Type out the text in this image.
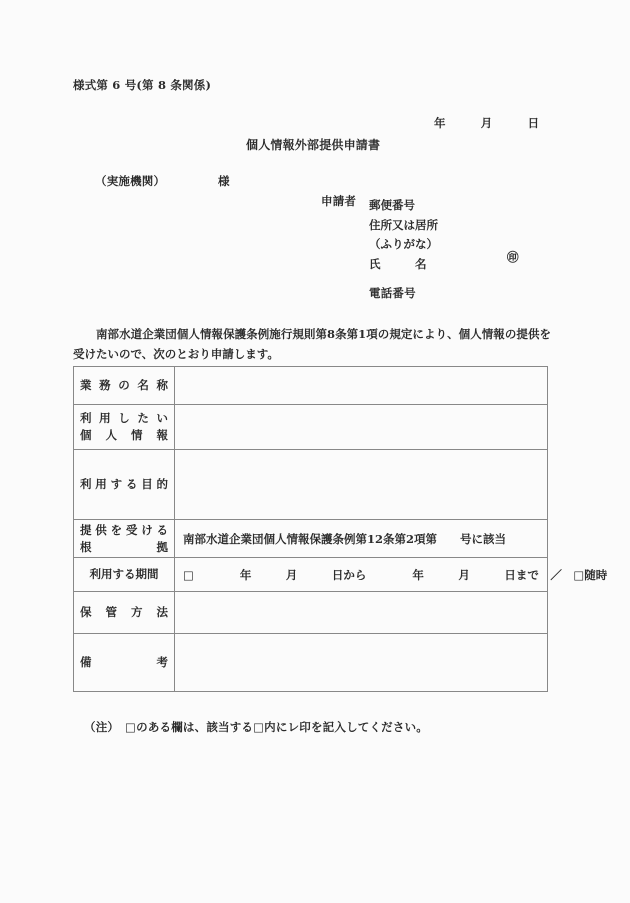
様式第 6 号(第 8 条関係)
年　　　月　　　日
個人情報外部提供申請書
（実施機関）　　　　　様
申請者 郵便番号
住所又は居所
（ふりがな）
氏　　　名	㊞
電話番号
南部水道企業団個人情報保護条例施行規則第8条第1項の規定により、個人情報の提供を受けたいので、次のとおり申請します。
業 務 の 名 称	

利 用 し た い
個 人 情 報	

利用する目的	

提供を受ける
根　　　　拠	南部水道企業団個人情報保護条例第12条第2項第　　号に該当

利用する期間	□　　　　年　　　月　　　日から　　　　年　　　月　　　日まで　／　□随時

保 管 方 法	

備　　　　　考	

（注）　□のある欄は、該当する□内にレ印を記入してください。
